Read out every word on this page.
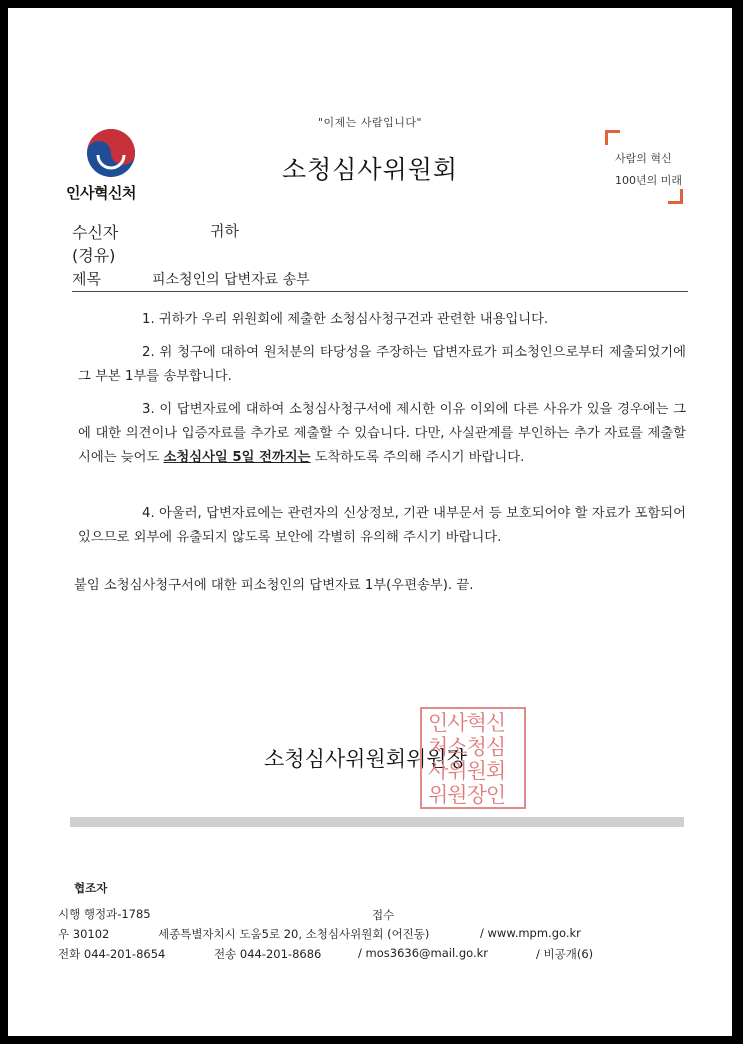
"이제는 사람입니다"
인사혁신처
소청심사위원회	사람의 혁신
100년의 미래
수신자	귀하
(경유)
제목	피소청인의 답변자료 송부
1. 귀하가 우리 위원회에 제출한 소청심사청구건과 관련한 내용입니다.
2. 위 청구에 대하여 원처분의 타당성을 주장하는 답변자료가 피소청인으로부터 제출되었기에 그 부본 1부를 송부합니다.
3. 이 답변자료에 대하여 소청심사청구서에 제시한 이유 이외에 다른 사유가 있을 경우에는 그에 대한 의견이나 입증자료를 추가로 제출할 수 있습니다. 다만, 사실관계를 부인하는 추가 자료를 제출할 시에는 늦어도 소청심사일 5일 전까지는 도착하도록 주의해 주시기 바랍니다.
4. 아울러, 답변자료에는 관련자의 신상정보, 기관 내부문서 등 보호되어야 할 자료가 포함되어 있으므로 외부에 유출되지 않도록 보안에 각별히 유의해 주시기 바랍니다.
붙임 소청심사청구서에 대한 피소청인의 답변자료 1부(우편송부). 끝.
소청심사위원회위원장
인사혁신
처소청심
사위원회
위원장인
협조자
시행 행정과-1785	접수
우 30102	세종특별자치시 도움5로 20, 소청심사위원회 (어진동)	/ www.mpm.go.kr
전화 044-201-8654	전송 044-201-8686	/ mos3636@mail.go.kr	/ 비공개(6)
